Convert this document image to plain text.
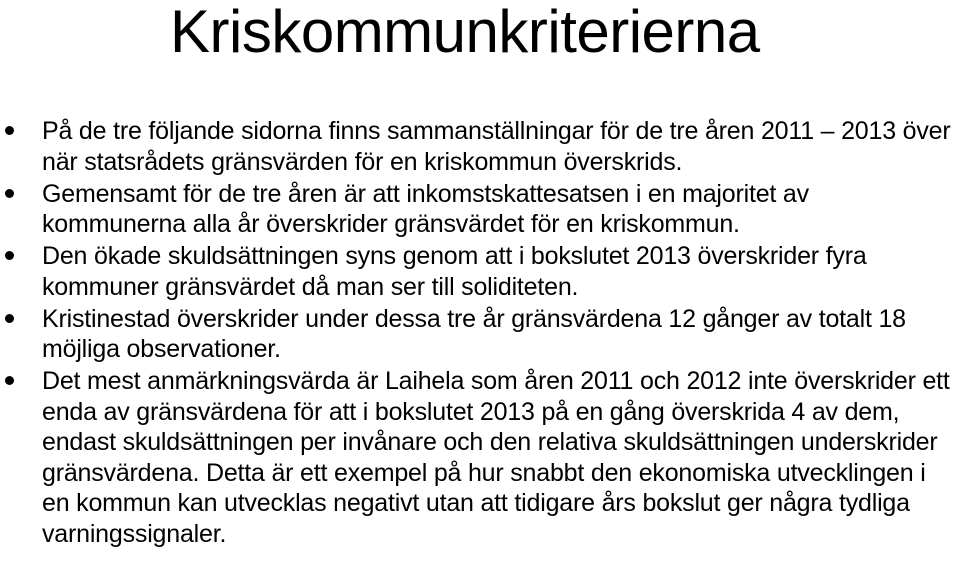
Kriskommunkriterierna
På de tre följande sidorna finns sammanställningar för de tre åren 2011 – 2013 över när statsrådets gränsvärden för en kriskommun överskrids.
Gemensamt för de tre åren är att inkomstskattesatsen i en majoritet av kommunerna alla år överskrider gränsvärdet för en kriskommun.
Den ökade skuldsättningen syns genom att i bokslutet 2013 överskrider fyra kommuner gränsvärdet då man ser till soliditeten.
Kristinestad överskrider under dessa tre år gränsvärdena 12 gånger av totalt 18 möjliga observationer.
Det mest anmärkningsvärda är Laihela som åren 2011 och 2012 inte överskrider ett enda av gränsvärdena för att i bokslutet 2013 på en gång överskrida 4 av dem, endast skuldsättningen per invånare och den relativa skuldsättningen underskrider gränsvärdena. Detta är ett exempel på hur snabbt den ekonomiska utvecklingen i en kommun kan utvecklas negativt utan att tidigare års bokslut ger några tydliga varningssignaler.
